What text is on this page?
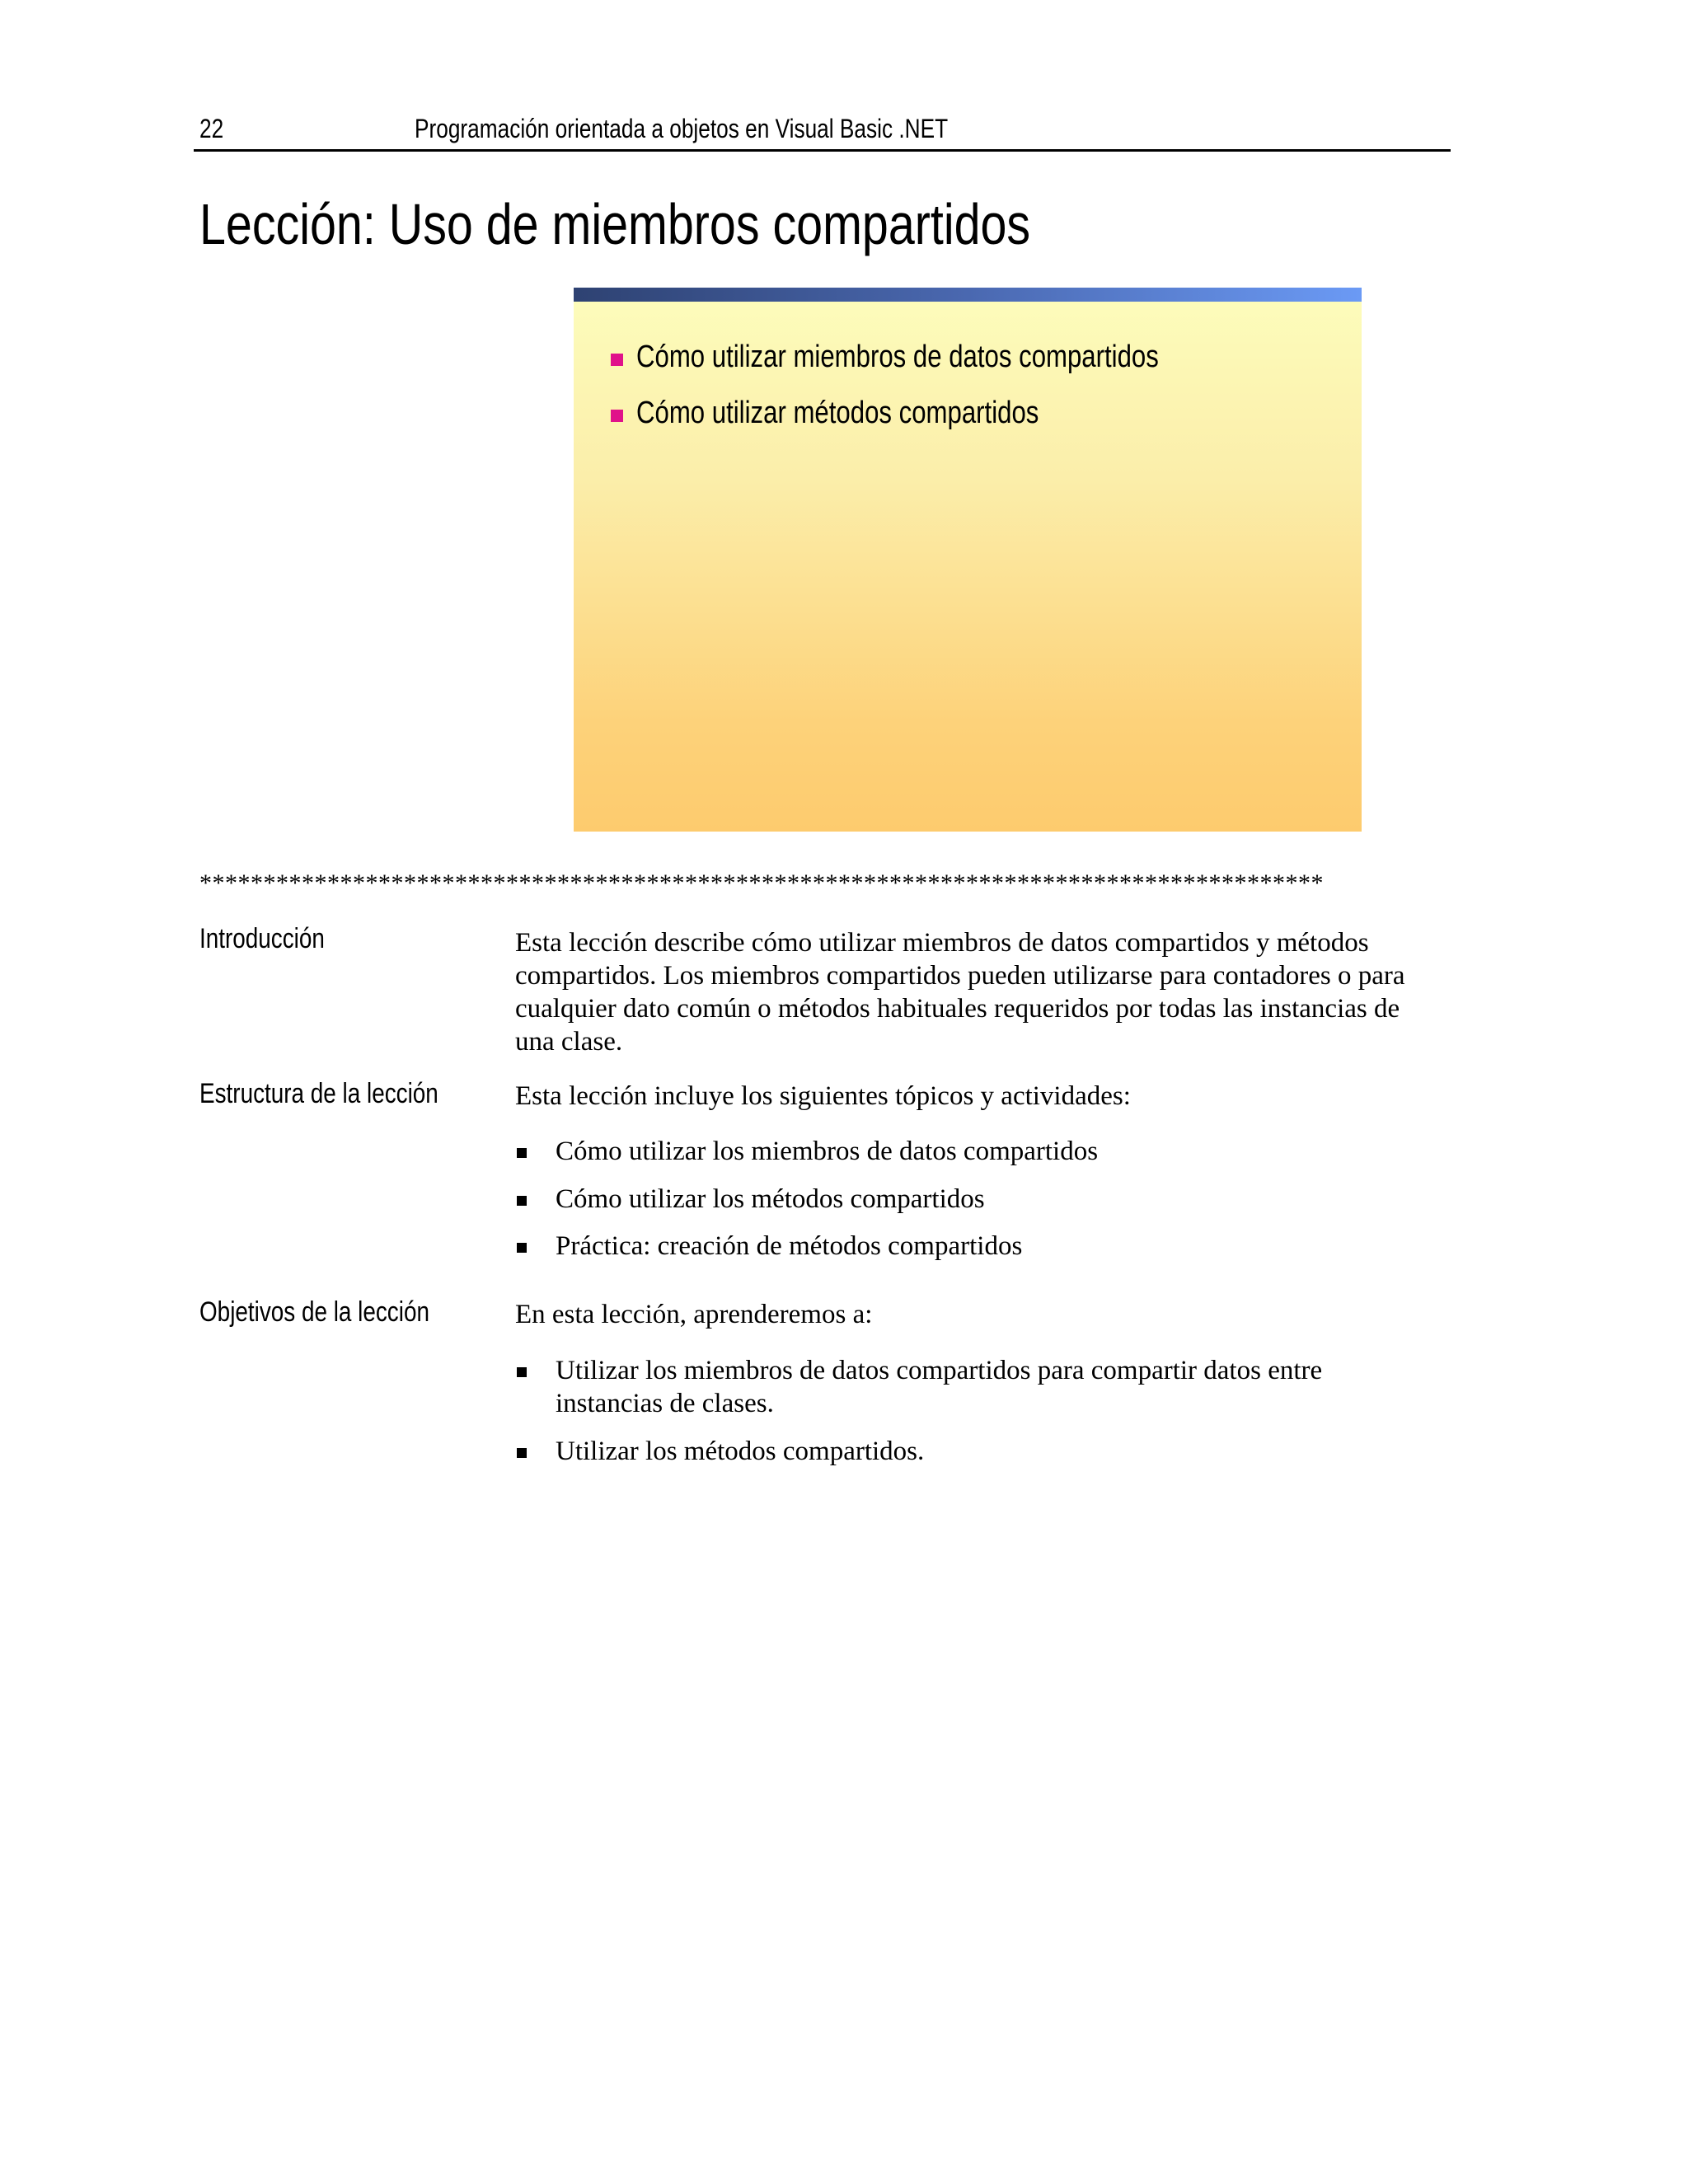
22	Programación orientada a objetos en Visual Basic .NET
Lección: Uso de miembros compartidos
Cómo utilizar miembros de datos compartidos
Cómo utilizar métodos compartidos
****************************************************************************************
Introducción	Esta lección describe cómo utilizar miembros de datos compartidos y métodos compartidos. Los miembros compartidos pueden utilizarse para contadores o para cualquier dato común o métodos habituales requeridos por todas las instancias de una clase.
Estructura de la lección	Esta lección incluye los siguientes tópicos y actividades:
Cómo utilizar los miembros de datos compartidos
Cómo utilizar los métodos compartidos
Práctica: creación de métodos compartidos
Objetivos de la lección	En esta lección, aprenderemos a:
Utilizar los miembros de datos compartidos para compartir datos entre instancias de clases.
Utilizar los métodos compartidos.
